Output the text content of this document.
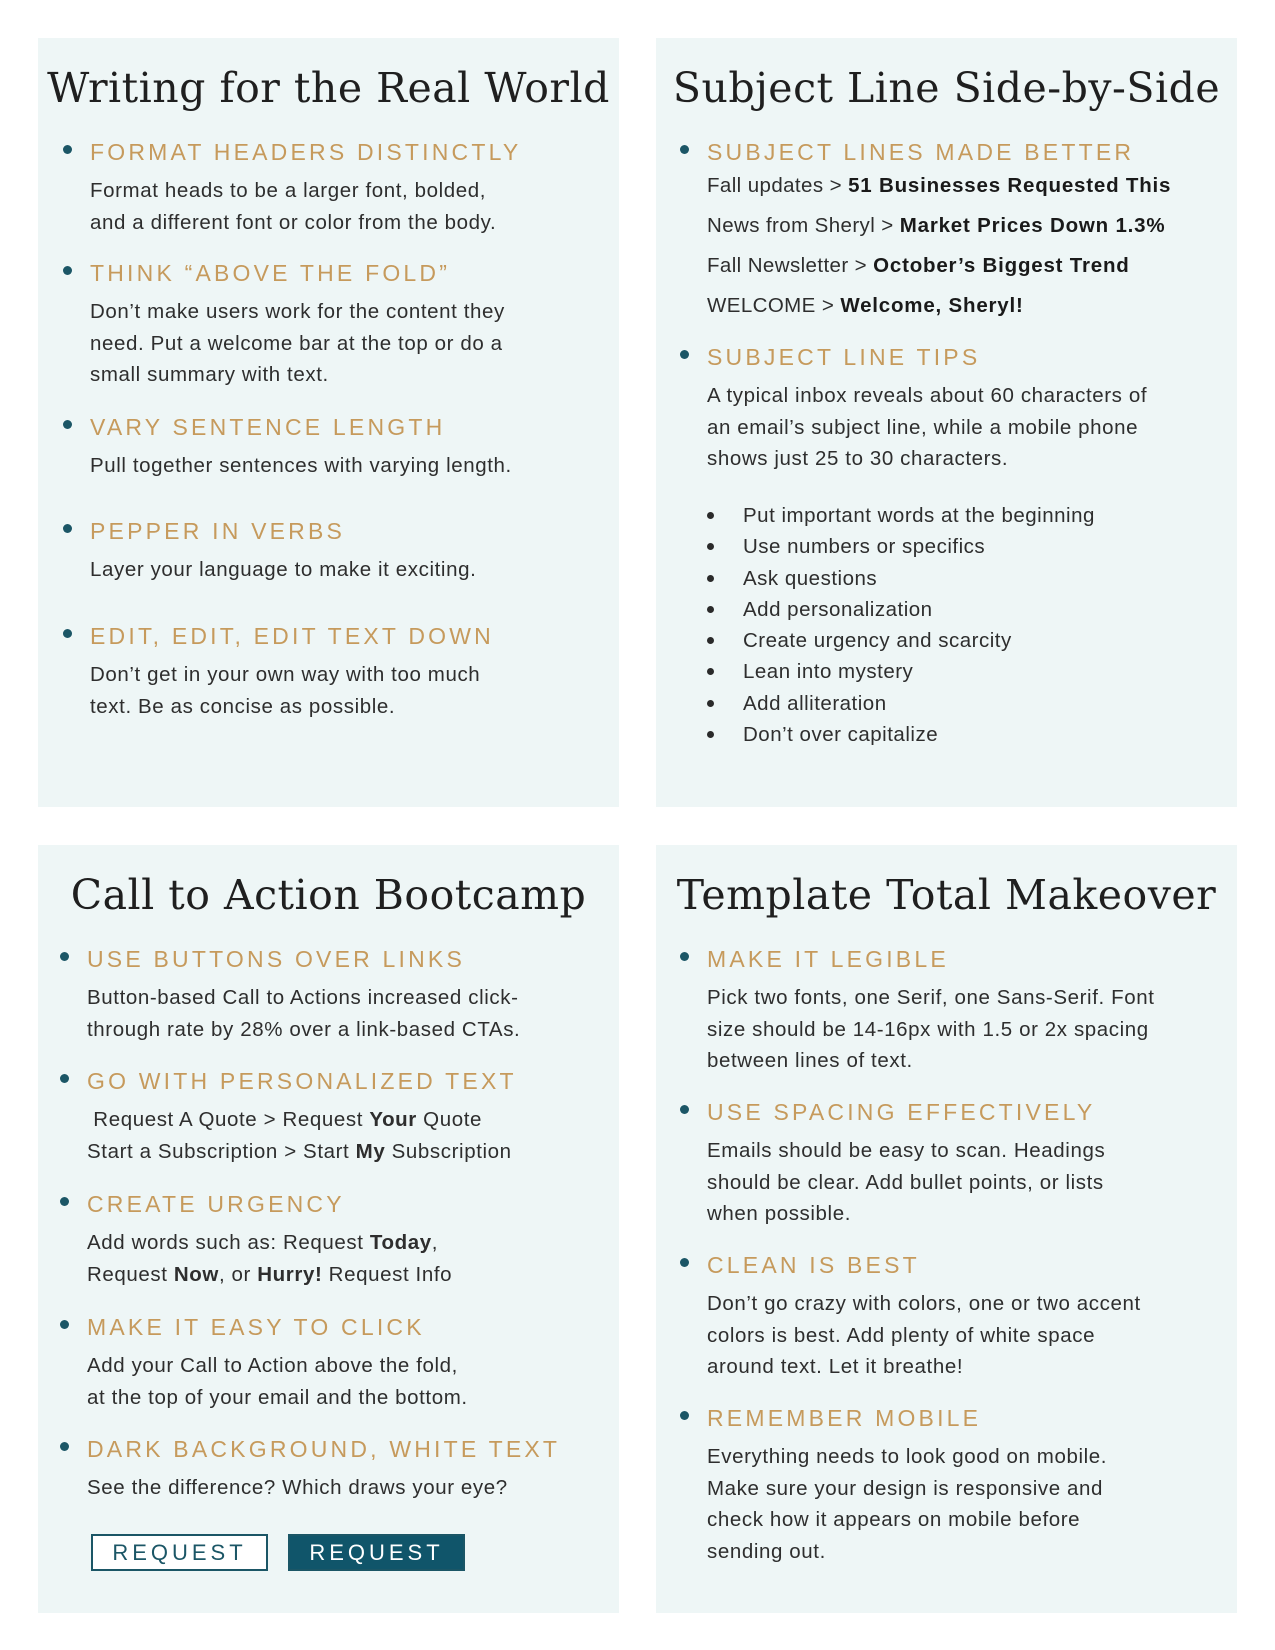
Writing for the Real World
FORMAT HEADERS DISTINCTLY
Format heads to be a larger font, bolded,
and a different font or color from the body.
THINK “ABOVE THE FOLD”
Don’t make users work for the content they
need. Put a welcome bar at the top or do a
small summary with text.
VARY SENTENCE LENGTH
Pull together sentences with varying length.
PEPPER IN VERBS
Layer your language to make it exciting.
EDIT, EDIT, EDIT TEXT DOWN
Don’t get in your own way with too much
text. Be as concise as possible.
Subject Line Side-by-Side
SUBJECT LINES MADE BETTER
Fall updates > 51 Businesses Requested This
News from Sheryl > Market Prices Down 1.3%
Fall Newsletter > October’s Biggest Trend
WELCOME > Welcome, Sheryl!
SUBJECT LINE TIPS
A typical inbox reveals about 60 characters of
an email’s subject line, while a mobile phone
shows just 25 to 30 characters.
Put important words at the beginning
Use numbers or specifics
Ask questions
Add personalization
Create urgency and scarcity
Lean into mystery
Add alliteration
Don’t over capitalize
Call to Action Bootcamp
USE BUTTONS OVER LINKS
Button-based Call to Actions increased click-
through rate by 28% over a link-based CTAs.
GO WITH PERSONALIZED TEXT
Request A Quote > Request Your Quote
Start a Subscription > Start My Subscription
CREATE URGENCY
Add words such as: Request Today,
Request Now, or Hurry! Request Info
MAKE IT EASY TO CLICK
Add your Call to Action above the fold,
at the top of your email and the bottom.
DARK BACKGROUND, WHITE TEXT
See the difference? Which draws your eye?
REQUEST	REQUEST
Template Total Makeover
MAKE IT LEGIBLE
Pick two fonts, one Serif, one Sans-Serif. Font
size should be 14-16px with 1.5 or 2x spacing
between lines of text.
USE SPACING EFFECTIVELY
Emails should be easy to scan. Headings
should be clear. Add bullet points, or lists
when possible.
CLEAN IS BEST
Don’t go crazy with colors, one or two accent
colors is best. Add plenty of white space
around text. Let it breathe!
REMEMBER MOBILE
Everything needs to look good on mobile.
Make sure your design is responsive and
check how it appears on mobile before
sending out.
